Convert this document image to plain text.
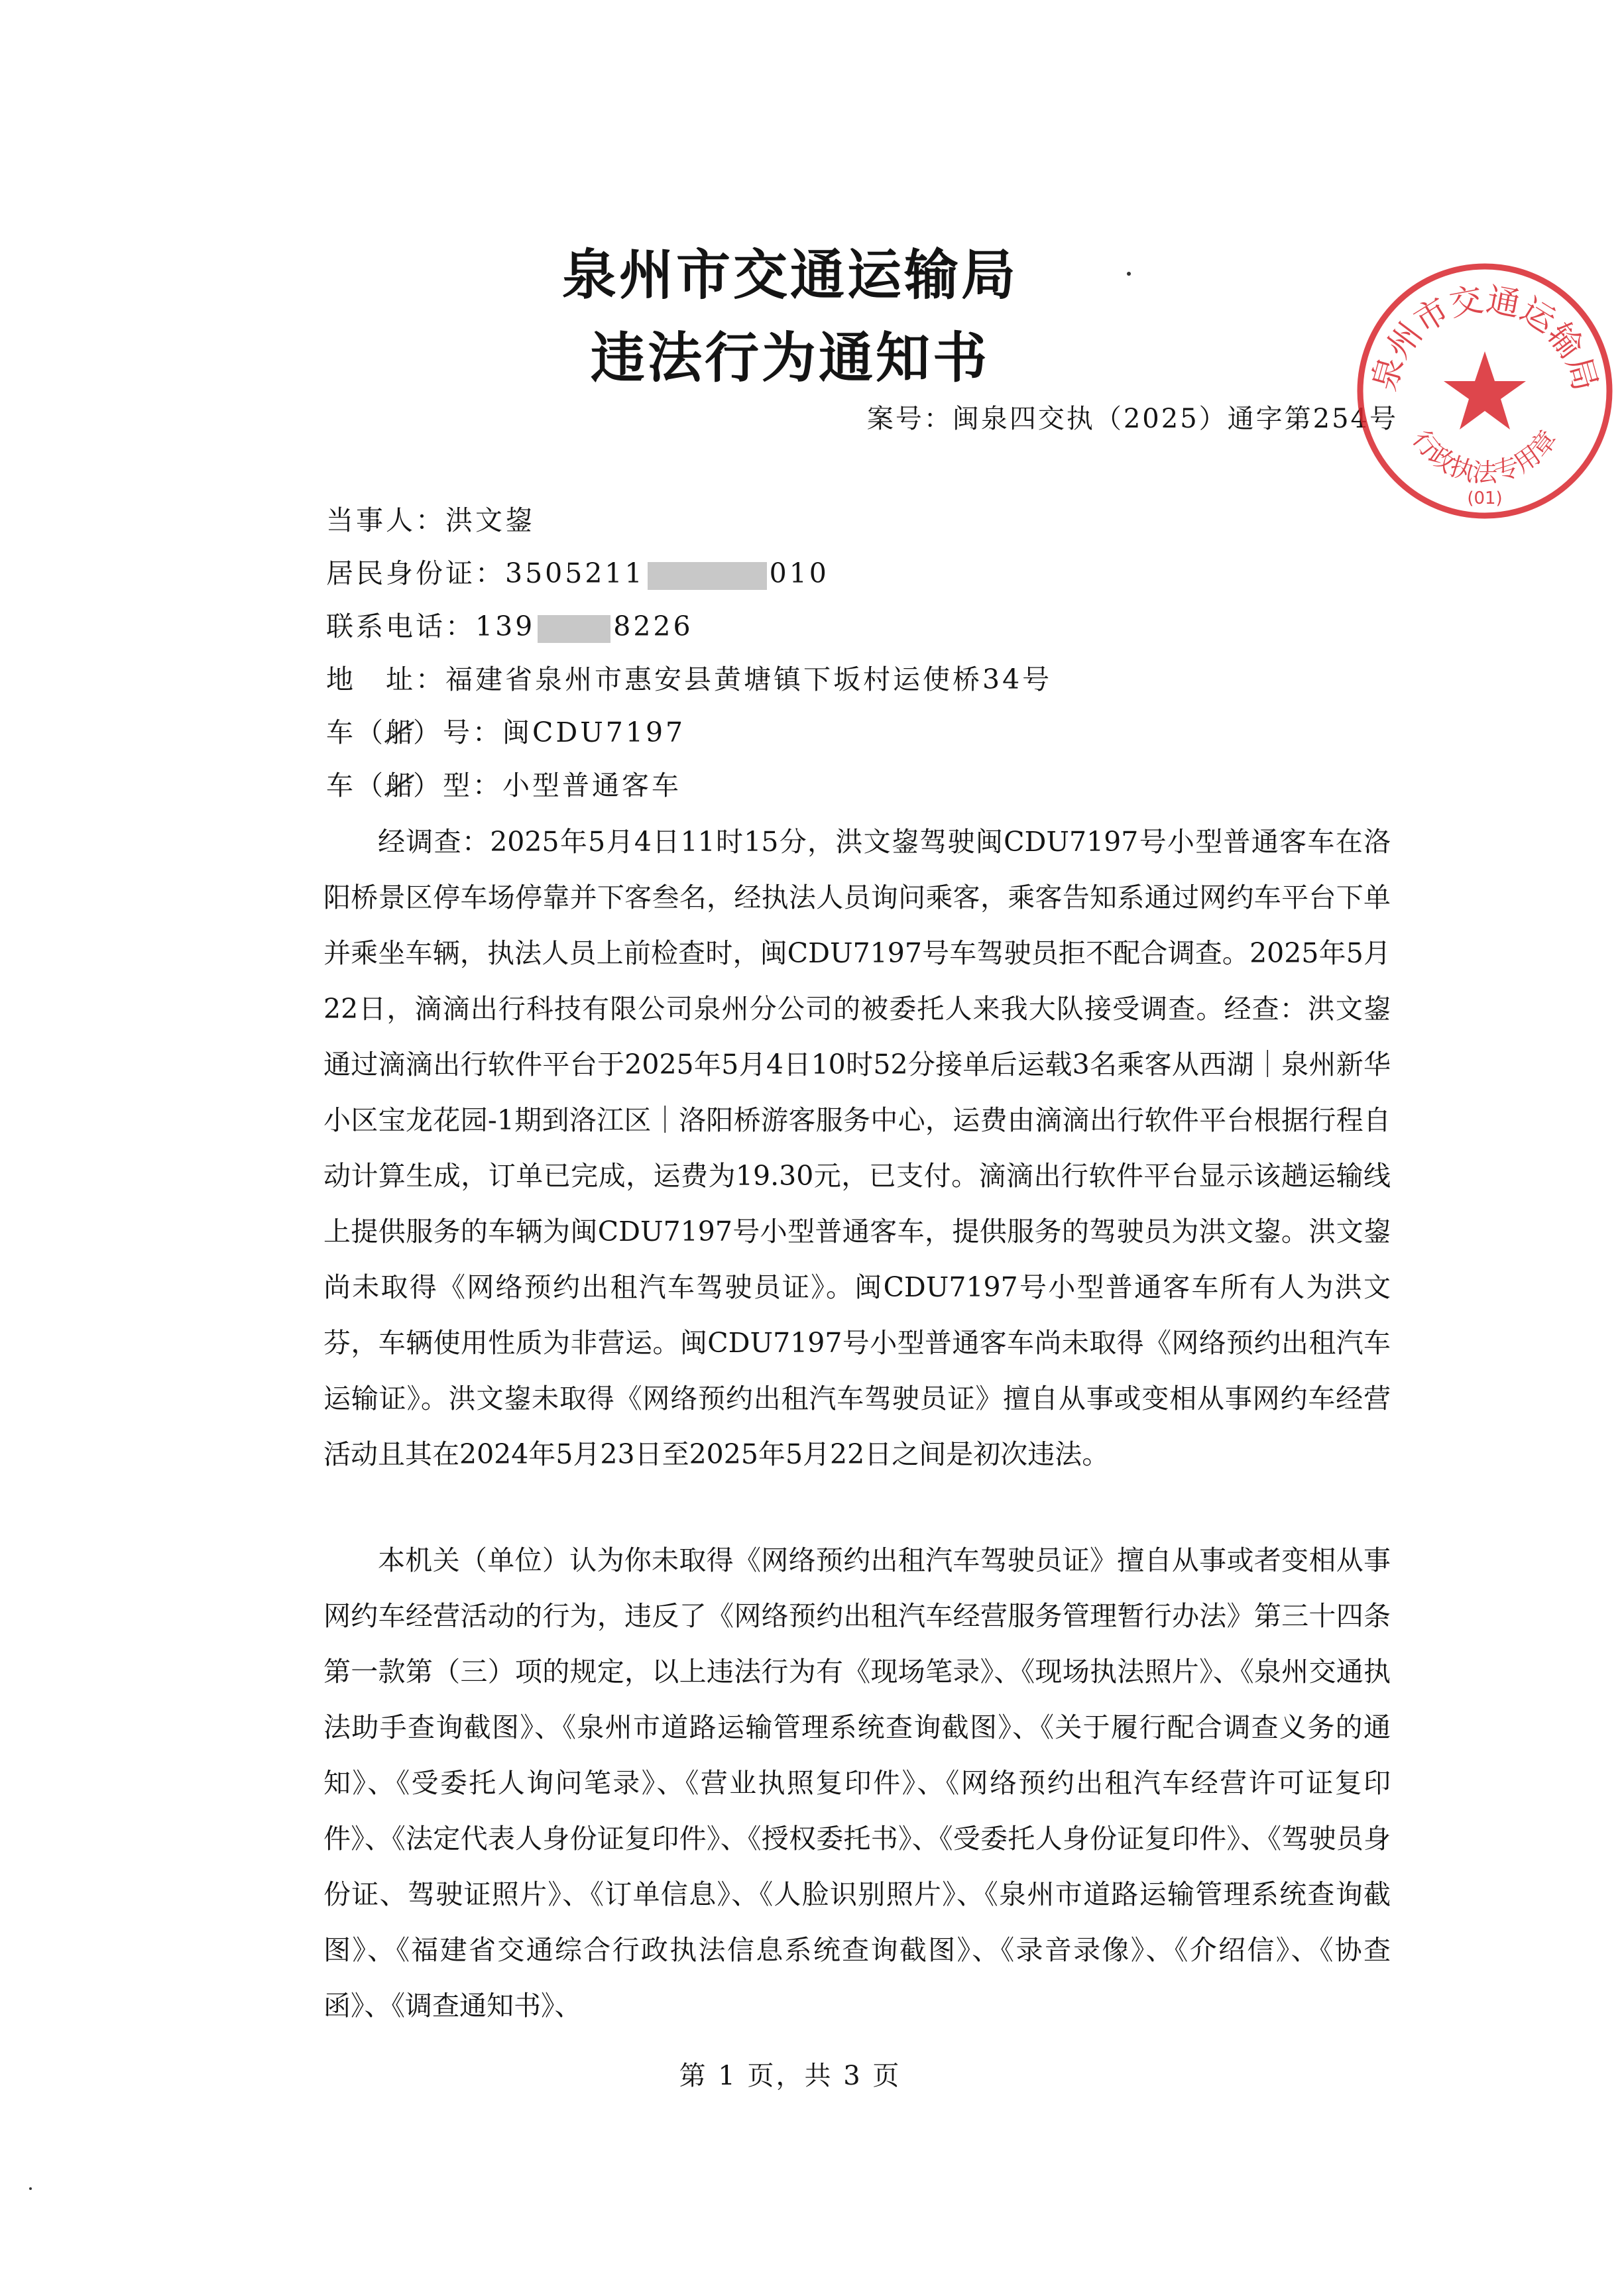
泉州市交通运输局
违法行为通知书
案号：闽泉四交执（2025）通字第254号
泉州市交通运输局
行政执法专用章
(01)
当事人：洪文鋆
居民身份证：3505211	010
联系电话：139	8226
地　址：福建省泉州市惠安县黄塘镇下坂村运使桥34号
车（船）号：闽CDU7197
车（船）型：小型普通客车

经调查：2025年5月4日11时15分，洪文鋆驾驶闽CDU7197号小型普通客车在洛阳桥景区停车场停靠并下客叁名，经执法人员询问乘客，乘客告知系通过网约车平台下单并乘坐车辆，执法人员上前检查时，闽CDU7197号车驾驶员拒不配合调查。2025年5月22日，滴滴出行科技有限公司泉州分公司的被委托人来我大队接受调查。经查：洪文鋆通过滴滴出行软件平台于2025年5月4日10时52分接单后运载3名乘客从西湖｜泉州新华小区宝龙花园-1期到洛江区｜洛阳桥游客服务中心，运费由滴滴出行软件平台根据行程自动计算生成，订单已完成，运费为19.30元，已支付。滴滴出行软件平台显示该趟运输线上提供服务的车辆为闽CDU7197号小型普通客车，提供服务的驾驶员为洪文鋆。洪文鋆尚未取得《网络预约出租汽车驾驶员证》。闽CDU7197号小型普通客车所有人为洪文芬，车辆使用性质为非营运。闽CDU7197号小型普通客车尚未取得《网络预约出租汽车运输证》。洪文鋆未取得《网络预约出租汽车驾驶员证》擅自从事或变相从事网约车经营活动且其在2024年5月23日至2025年5月22日之间是初次违法。

本机关（单位）认为你未取得《网络预约出租汽车驾驶员证》擅自从事或者变相从事网约车经营活动的行为，违反了《网络预约出租汽车经营服务管理暂行办法》第三十四条第一款第（三）项的规定，以上违法行为有《现场笔录》、《现场执法照片》、《泉州交通执法助手查询截图》、《泉州市道路运输管理系统查询截图》、《关于履行配合调查义务的通知》、《受委托人询问笔录》、《营业执照复印件》、《网络预约出租汽车经营许可证复印件》、《法定代表人身份证复印件》、《授权委托书》、《受委托人身份证复印件》、《驾驶员身份证、驾驶证照片》、《订单信息》、《人脸识别照片》、《泉州市道路运输管理系统查询截图》、《福建省交通综合行政执法信息系统查询截图》、《录音录像》、《介绍信》、《协查函》、《调查通知书》、

第 1 页，共 3 页
